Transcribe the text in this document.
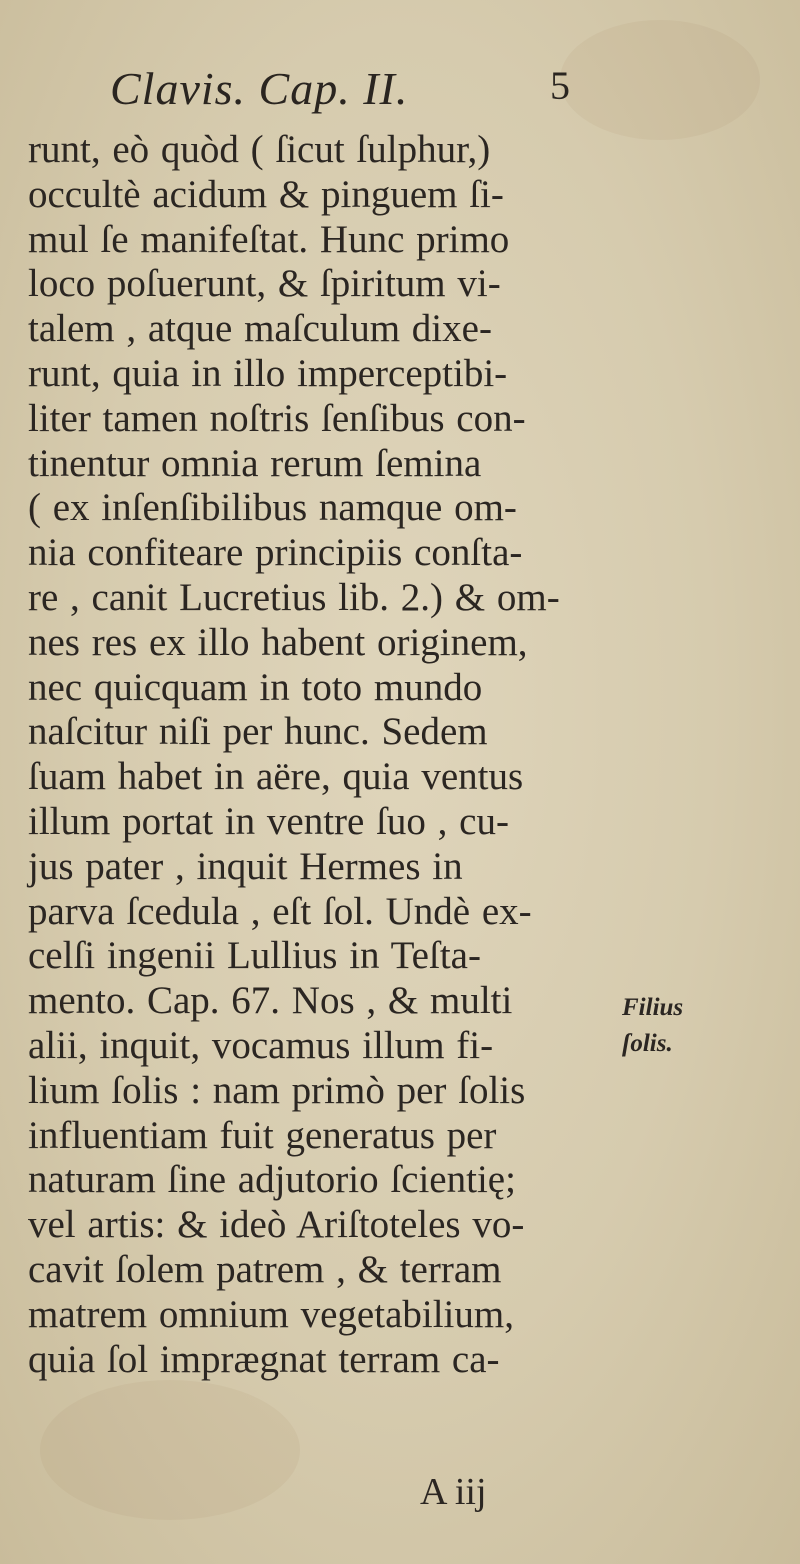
Clavis. Cap. II.	5
runt, eò quòd ( ſicut ſulphur,)
occultè acidum & pinguem ſi-
mul ſe manifeſtat. Hunc primo
loco poſuerunt, & ſpiritum vi-
talem , atque maſculum dixe-
runt, quia in illo imperceptibi-
liter tamen noſtris ſenſibus con-
tinentur omnia rerum ſemina
( ex inſenſibilibus namque om-
nia confiteare principiis conſta-
re , canit Lucretius lib. 2.) & om-
nes res ex illo habent originem,
nec quicquam in toto mundo
naſcitur niſi per hunc. Sedem
ſuam habet in aëre, quia ventus
illum portat in ventre ſuo , cu-
jus pater , inquit Hermes in
parva ſcedula , eſt ſol. Undè ex-
celſi ingenii Lullius in Teſta-
mento. Cap. 67. Nos , & multi
alii, inquit, vocamus illum fi-
lium ſolis : nam primò per ſolis
influentiam fuit generatus per
naturam ſine adjutorio ſcientię;
vel artis: & ideò Ariſtoteles vo-
cavit ſolem patrem , & terram
matrem omnium vegetabilium,
quia ſol imprægnat terram ca-
Filius
ſolis.
A iij
